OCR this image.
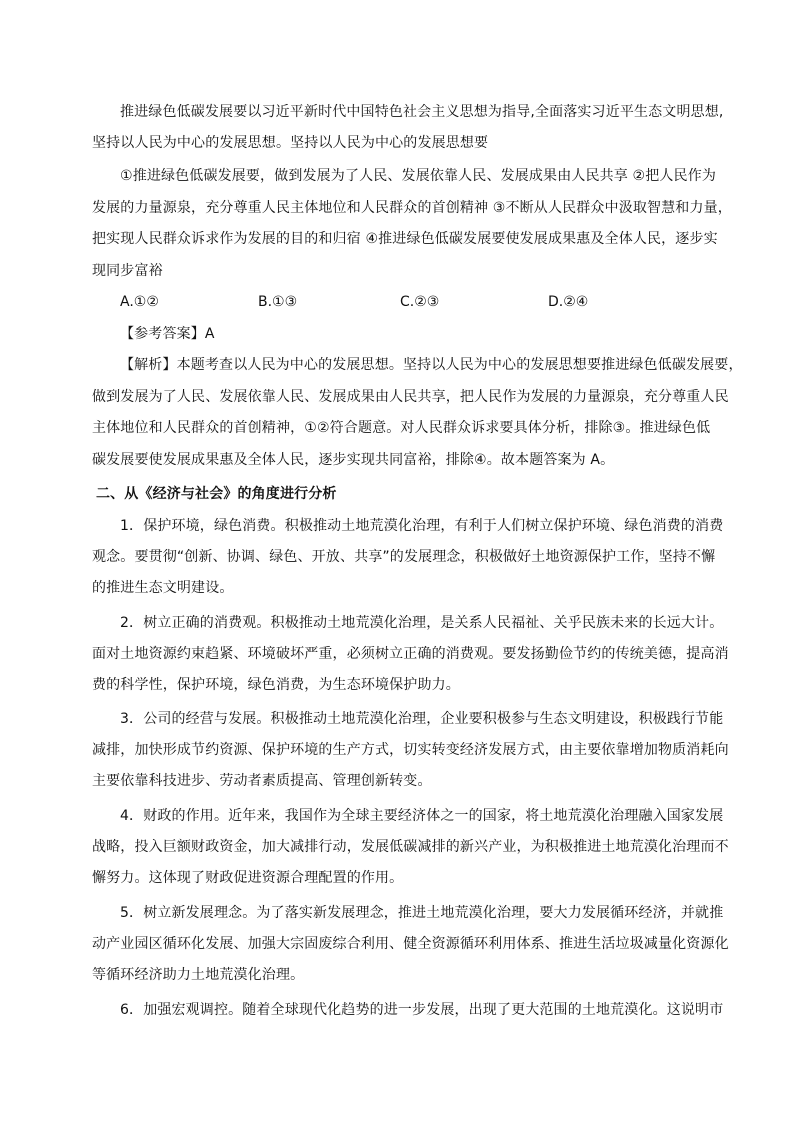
推进绿色低碳发展要以习近平新时代中国特色社会主义思想为指导,全面落实习近平生态文明思想,
坚持以人民为中心的发展思想。坚持以人民为中心的发展思想要
①推进绿色低碳发展要，做到发展为了人民、发展依靠人民、发展成果由人民共享 ②把人民作为
发展的力量源泉，充分尊重人民主体地位和人民群众的首创精神 ③不断从人民群众中汲取智慧和力量，
把实现人民群众诉求作为发展的目的和归宿 ④推进绿色低碳发展要使发展成果惠及全体人民，逐步实
现同步富裕
A.①②	B.①③	C.②③	D.②④
【参考答案】A
【解析】本题考查以人民为中心的发展思想。坚持以人民为中心的发展思想要推进绿色低碳发展要，
做到发展为了人民、发展依靠人民、发展成果由人民共享，把人民作为发展的力量源泉，充分尊重人民
主体地位和人民群众的首创精神，①②符合题意。对人民群众诉求要具体分析，排除③。推进绿色低
碳发展要使发展成果惠及全体人民，逐步实现共同富裕，排除④。故本题答案为 A。
二、从《经济与社会》的角度进行分析
1．保护环境，绿色消费。积极推动土地荒漠化治理，有利于人们树立保护环境、绿色消费的消费
观念。要贯彻“创新、协调、绿色、开放、共享”的发展理念，积极做好土地资源保护工作，坚持不懈
的推进生态文明建设。
2．树立正确的消费观。积极推动土地荒漠化治理，是关系人民福祉、关乎民族未来的长远大计。
面对土地资源约束趋紧、环境破坏严重，必须树立正确的消费观。要发扬勤俭节约的传统美德，提高消
费的科学性，保护环境，绿色消费，为生态环境保护助力。
3．公司的经营与发展。积极推动土地荒漠化治理，企业要积极参与生态文明建设，积极践行节能
减排，加快形成节约资源、保护环境的生产方式，切实转变经济发展方式，由主要依靠增加物质消耗向
主要依靠科技进步、劳动者素质提高、管理创新转变。
4．财政的作用。近年来，我国作为全球主要经济体之一的国家，将土地荒漠化治理融入国家发展
战略，投入巨额财政资金，加大减排行动，发展低碳减排的新兴产业，为积极推进土地荒漠化治理而不
懈努力。这体现了财政促进资源合理配置的作用。
5．树立新发展理念。为了落实新发展理念，推进土地荒漠化治理，要大力发展循环经济，并就推
动产业园区循环化发展、加强大宗固废综合利用、健全资源循环利用体系、推进生活垃圾减量化资源化
等循环经济助力土地荒漠化治理。
6．加强宏观调控。随着全球现代化趋势的进一步发展，出现了更大范围的土地荒漠化。这说明市
